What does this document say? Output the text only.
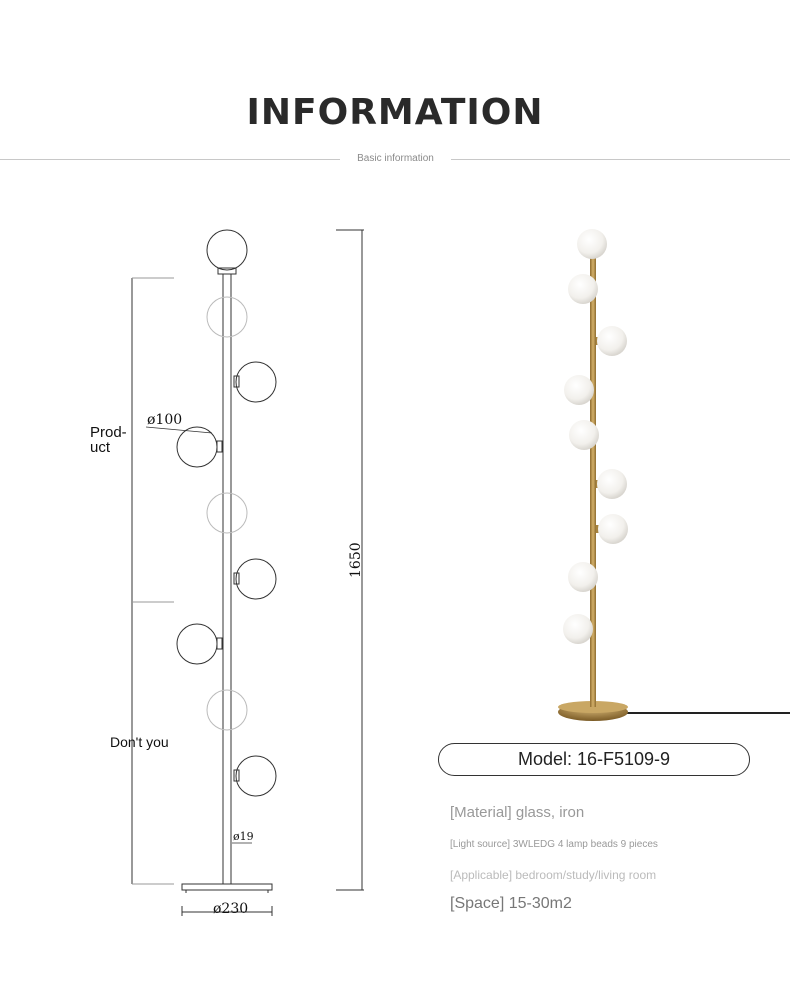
INFORMATION
Basic information
ø100
ø19
ø230
1650
Prod-
uct
Don't you
Model: 16-F5109-9
[Material] glass, iron
[Light source] 3WLEDG 4 lamp beads 9 pieces
[Applicable] bedroom/study/living room
[Space] 15-30m2
